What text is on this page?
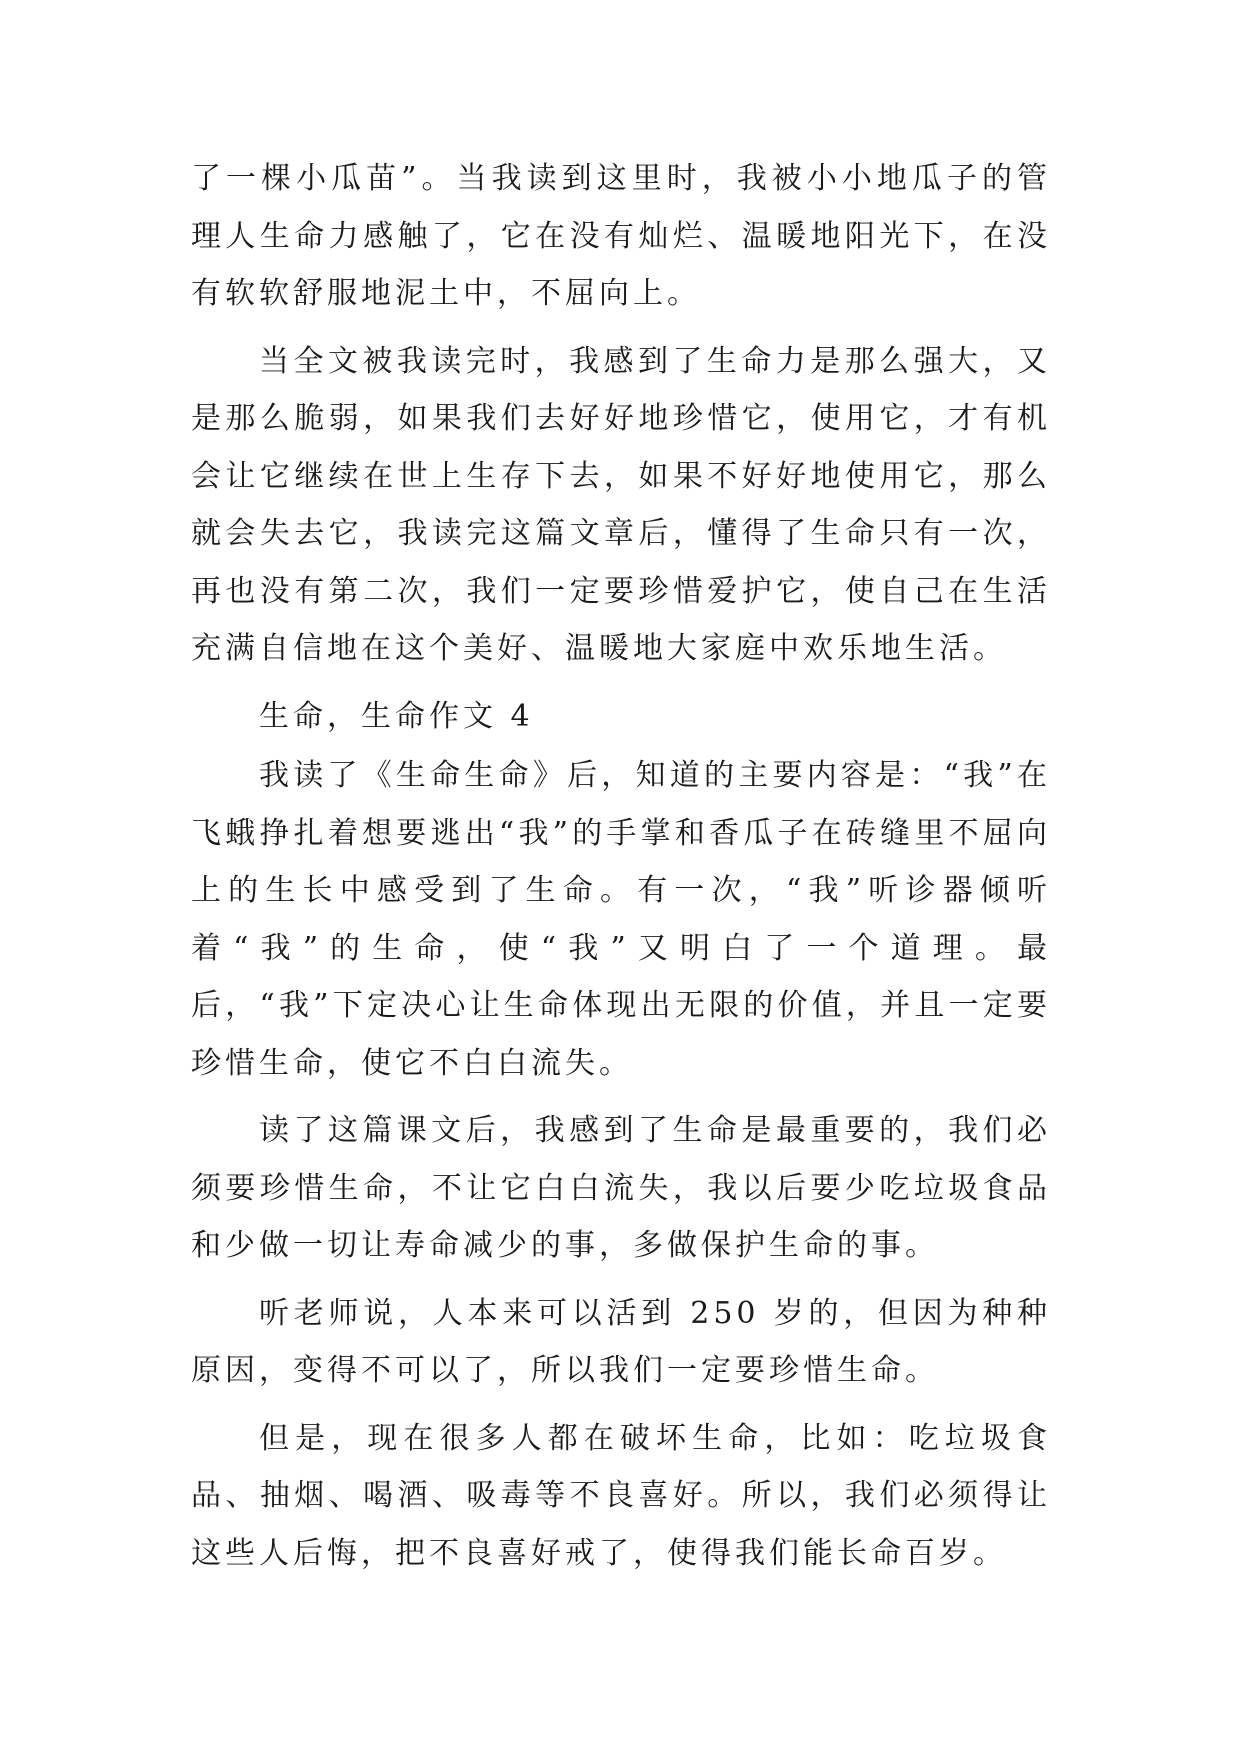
了一棵小瓜苗”。当我读到这里时，我被小小地瓜子的管理人生命力感触了，它在没有灿烂、温暖地阳光下，在没有软软舒服地泥土中，不屈向上。

当全文被我读完时，我感到了生命力是那么强大，又是那么脆弱，如果我们去好好地珍惜它，使用它，才有机会让它继续在世上生存下去，如果不好好地使用它，那么就会失去它，我读完这篇文章后，懂得了生命只有一次，再也没有第二次，我们一定要珍惜爱护它，使自己在生活充满自信地在这个美好、温暖地大家庭中欢乐地生活。

生命，生命作文 4

我读了《生命生命》后，知道的主要内容是：“我”在飞蛾挣扎着想要逃出“我”的手掌和香瓜子在砖缝里不屈向上的生长中感受到了生命。有一次，“我”听诊器倾听着“我”的生命，使“我”又明白了一个道理。最后，“我”下定决心让生命体现出无限的价值，并且一定要珍惜生命，使它不白白流失。

读了这篇课文后，我感到了生命是最重要的，我们必须要珍惜生命，不让它白白流失，我以后要少吃垃圾食品和少做一切让寿命减少的事，多做保护生命的事。

听老师说，人本来可以活到 250 岁的，但因为种种原因，变得不可以了，所以我们一定要珍惜生命。

但是，现在很多人都在破坏生命，比如：吃垃圾食品、抽烟、喝酒、吸毒等不良喜好。所以，我们必须得让这些人后悔，把不良喜好戒了，使得我们能长命百岁。
